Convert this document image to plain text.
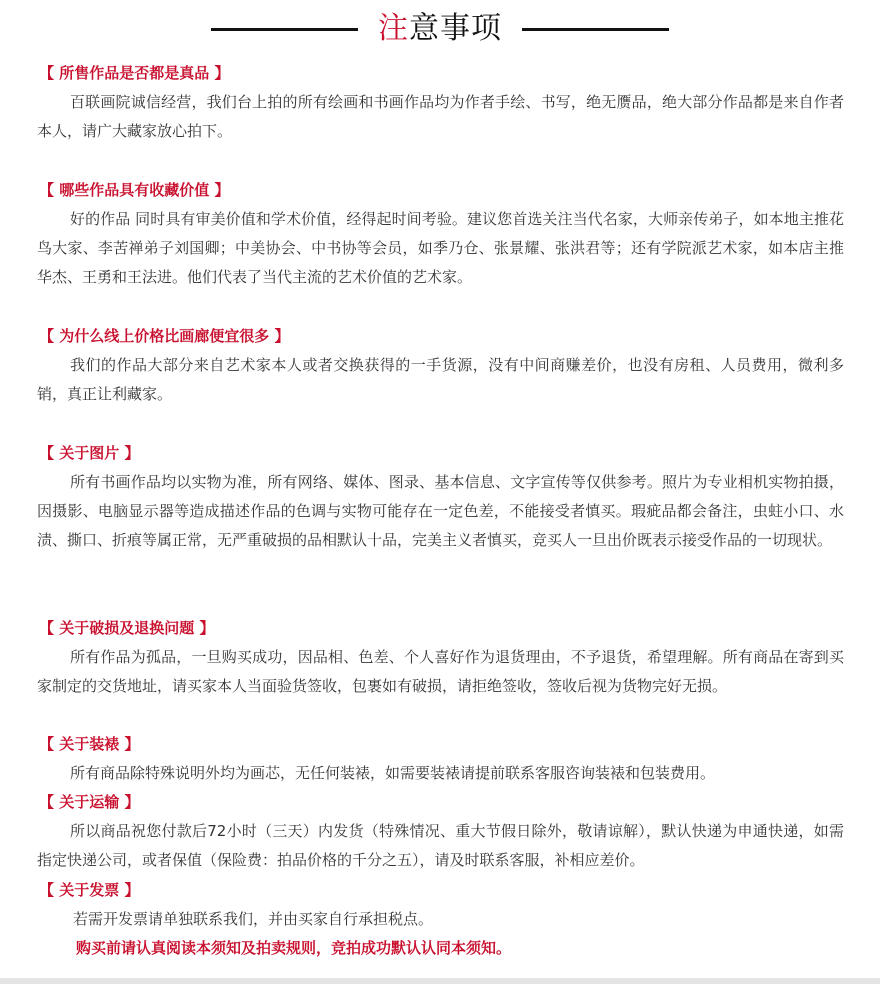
注意事项
【 所售作品是否都是真品 】
百联画院诚信经营，我们台上拍的所有绘画和书画作品均为作者手绘、书写，绝无赝品，绝大部分作品都是来自作者本人，请广大藏家放心拍下。
【 哪些作品具有收藏价值 】
好的作品 同时具有审美价值和学术价值，经得起时间考验。建议您首选关注当代名家，大师亲传弟子，如本地主推花鸟大家、李苦禅弟子刘国卿；中美协会、中书协等会员，如季乃仓、张景耀、张洪君等；还有学院派艺术家，如本店主推华杰、王勇和王法进。他们代表了当代主流的艺术价值的艺术家。
【 为什么线上价格比画廊便宜很多 】
我们的作品大部分来自艺术家本人或者交换获得的一手货源，没有中间商赚差价，也没有房租、人员费用，微利多销，真正让利藏家。
【 关于图片 】
所有书画作品均以实物为准，所有网络、媒体、图录、基本信息、文字宣传等仅供参考。照片为专业相机实物拍摄，因摄影、电脑显示器等造成描述作品的色调与实物可能存在一定色差，不能接受者慎买。瑕疵品都会备注，虫蛀小口、水渍、撕口、折痕等属正常，无严重破损的品相默认十品，完美主义者慎买，竞买人一旦出价既表示接受作品的一切现状。
【 关于破损及退换问题 】
所有作品为孤品，一旦购买成功，因品相、色差、个人喜好作为退货理由，不予退货，希望理解。所有商品在寄到买家制定的交货地址，请买家本人当面验货签收，包裹如有破损，请拒绝签收，签收后视为货物完好无损。
【 关于装裱 】
所有商品除特殊说明外均为画芯，无任何装裱，如需要装裱请提前联系客服咨询装裱和包装费用。
【 关于运输 】
所以商品祝您付款后72小时（三天）内发货（特殊情况、重大节假日除外，敬请谅解），默认快递为申通快递，如需指定快递公司，或者保值（保险费：拍品价格的千分之五），请及时联系客服，补相应差价。
【 关于发票 】
若需开发票请单独联系我们，并由买家自行承担税点。
购买前请认真阅读本须知及拍卖规则，竞拍成功默认认同本须知。
